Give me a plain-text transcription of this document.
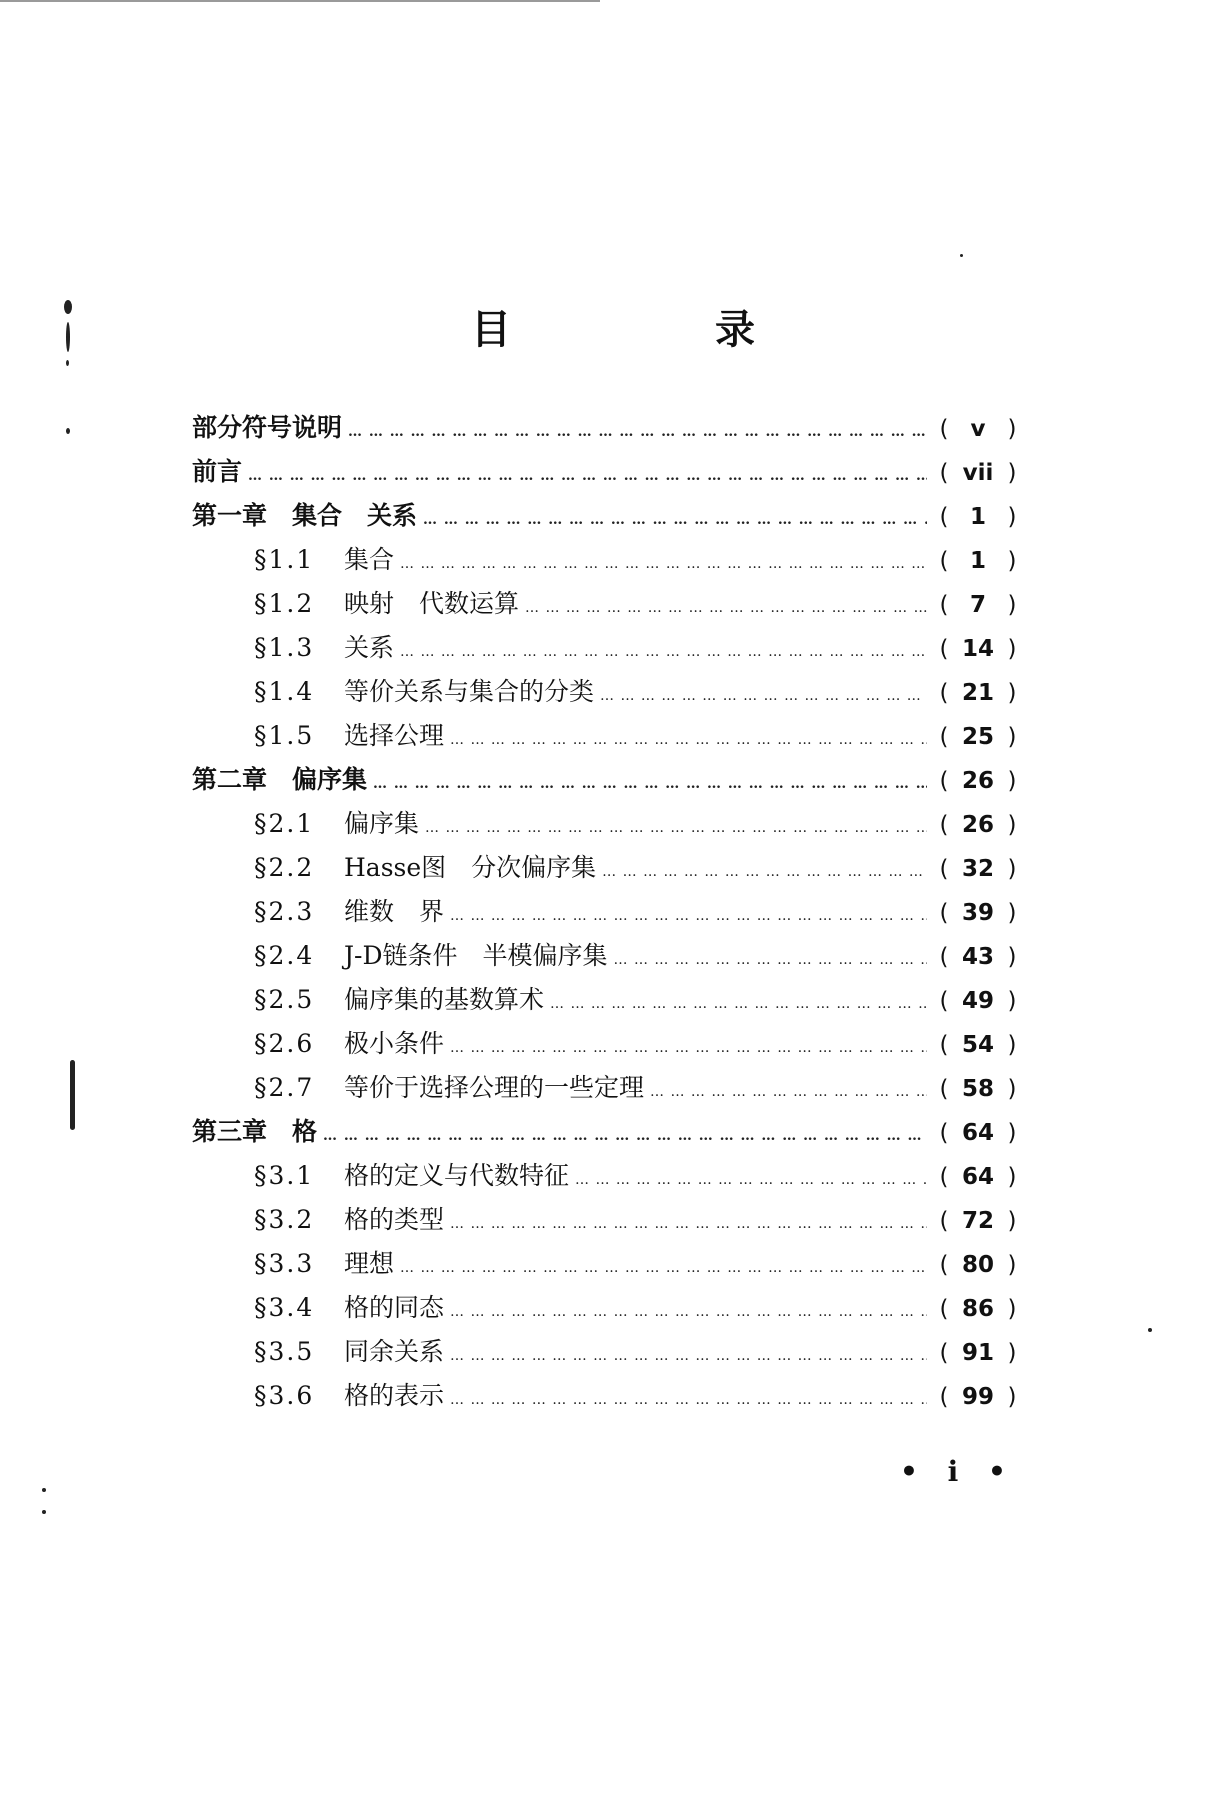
目　录
部分符号说明 … … … … … … … … … … … … … … … … … … … … … … … … … … … … … … … … … … … … … … … … … … … … … … … …	( v )
前言 … … … … … … … … … … … … … … … … … … … … … … … … … … … … … … … … … … … … … … … … … … … … … … … …	( vii )
第一章　集合　关系 … … … … … … … … … … … … … … … … … … … … … … … … … … … … … … … … … … … … … … … … … … … … … … … …	( 1 )
§1.1	集合 … … … … … … … … … … … … … … … … … … … … … … … … … … … … … … … … … … … … … … … … … … … … … … … …	( 1 )
§1.2	映射　代数运算 … … … … … … … … … … … … … … … … … … … … … … … … … … … … … … … … … … … … … … … … … … … … … … … …	( 7 )
§1.3	关系 … … … … … … … … … … … … … … … … … … … … … … … … … … … … … … … … … … … … … … … … … … … … … … … …	( 14 )
§1.4	等价关系与集合的分类 … … … … … … … … … … … … … … … … … … … … … … … … … … … … … … … … … … … … … … … … … … … … … … … …	( 21 )
§1.5	选择公理 … … … … … … … … … … … … … … … … … … … … … … … … … … … … … … … … … … … … … … … … … … … … … … … …	( 25 )
第二章　偏序集 … … … … … … … … … … … … … … … … … … … … … … … … … … … … … … … … … … … … … … … … … … … … … … … …	( 26 )
§2.1	偏序集 … … … … … … … … … … … … … … … … … … … … … … … … … … … … … … … … … … … … … … … … … … … … … … … …	( 26 )
§2.2	Hasse图　分次偏序集 … … … … … … … … … … … … … … … … … … … … … … … … … … … … … … … … … … … … … … … … … … … … … … … …	( 32 )
§2.3	维数　界 … … … … … … … … … … … … … … … … … … … … … … … … … … … … … … … … … … … … … … … … … … … … … … … …	( 39 )
§2.4	J-D链条件　半模偏序集 … … … … … … … … … … … … … … … … … … … … … … … … … … … … … … … … … … … … … … … … … … … … … … … …	( 43 )
§2.5	偏序集的基数算术 … … … … … … … … … … … … … … … … … … … … … … … … … … … … … … … … … … … … … … … … … … … … … … … …	( 49 )
§2.6	极小条件 … … … … … … … … … … … … … … … … … … … … … … … … … … … … … … … … … … … … … … … … … … … … … … … …	( 54 )
§2.7	等价于选择公理的一些定理 … … … … … … … … … … … … … … … … … … … … … … … … … … … … … … … … … … … … … … … … … … … … … … … …	( 58 )
第三章　格 … … … … … … … … … … … … … … … … … … … … … … … … … … … … … … … … … … … … … … … … … … … … … … … …	( 64 )
§3.1	格的定义与代数特征 … … … … … … … … … … … … … … … … … … … … … … … … … … … … … … … … … … … … … … … … … … … … … … … …	( 64 )
§3.2	格的类型 … … … … … … … … … … … … … … … … … … … … … … … … … … … … … … … … … … … … … … … … … … … … … … … …	( 72 )
§3.3	理想 … … … … … … … … … … … … … … … … … … … … … … … … … … … … … … … … … … … … … … … … … … … … … … … …	( 80 )
§3.4	格的同态 … … … … … … … … … … … … … … … … … … … … … … … … … … … … … … … … … … … … … … … … … … … … … … … …	( 86 )
§3.5	同余关系 … … … … … … … … … … … … … … … … … … … … … … … … … … … … … … … … … … … … … … … … … … … … … … … …	( 91 )
§3.6	格的表示 … … … … … … … … … … … … … … … … … … … … … … … … … … … … … … … … … … … … … … … … … … … … … … … …	( 99 )
• i •
